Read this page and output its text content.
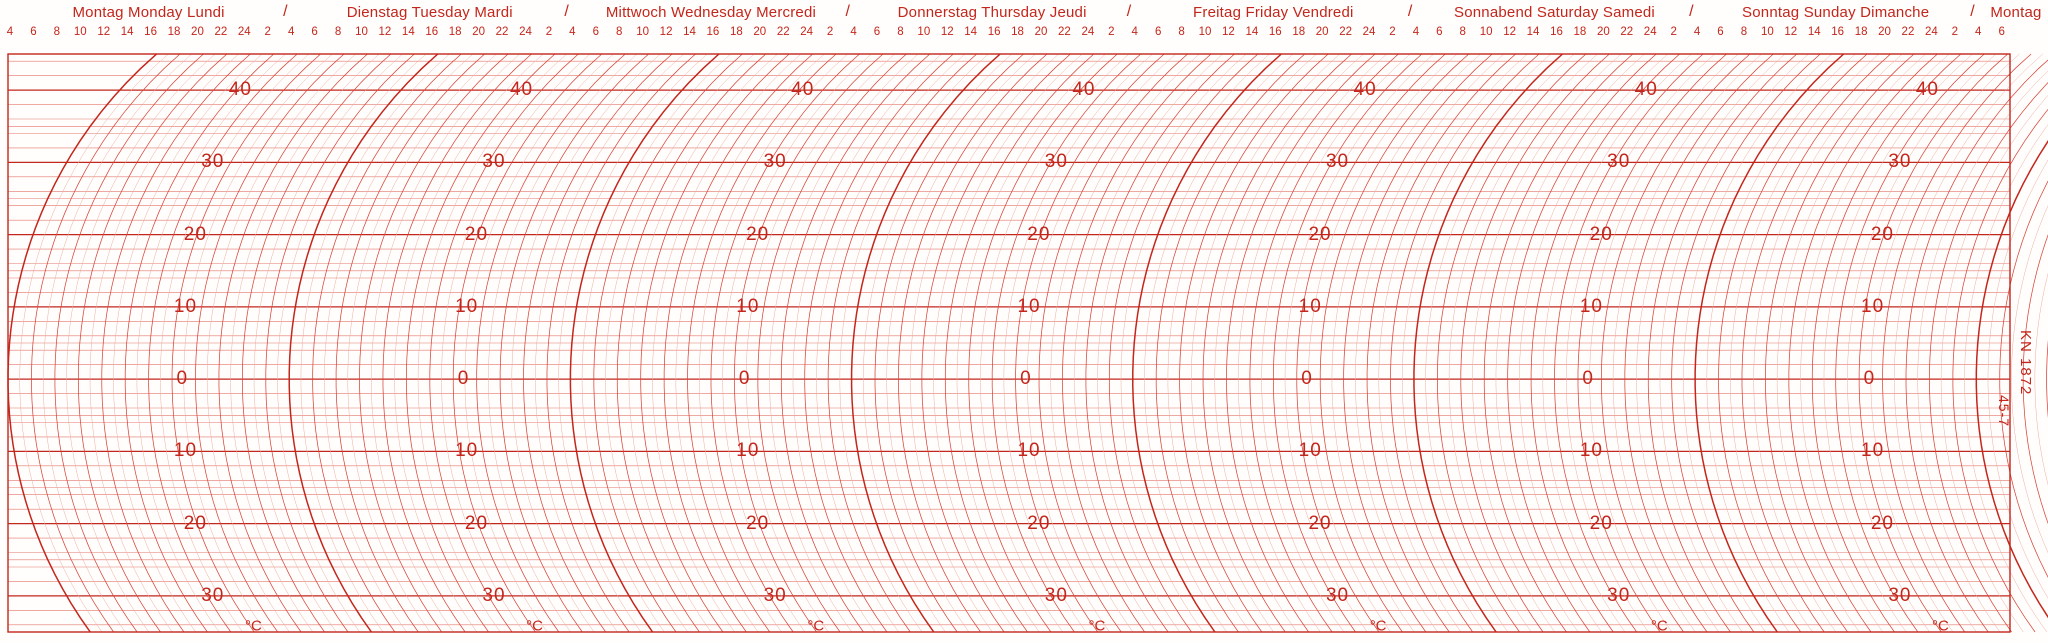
Montag Monday Lundi	/	Dienstag Tuesday Mardi	/ Mittwoch Wednesday Mercredi /	Donnerstag Thursday Jeudi	/	Freitag Friday Vendredi	/	Sonnabend Saturday Samedi /	Sonntag Sunday Dimanche	/ Montag
4 6 8 10 12 14 16 18 20 22 24 2 4 6 8 10 12 14 16 18 20 22 24 2 4 6 8 10 12 14 16 18 20 22 24 2 4 6 8 10 12 14 16 18 20 22 24 2 4 6 8 10 12 14 16 18 20 22 24 2 4 6 8 10 12 14 16 18 20 22 24 2 4 6 8 10 12 14 16 18 20 22 24 2 4 6
40
30
20
10
0
10
20
30
°C
40
30
20
10
0
10
20
30
°C
40
30
20
10
0
10
20
30
°C
40
30
20
10
0
10
20
30
°C
40
30
20
10
0
10
20
30
°C
40
30
20
10
0
10
20
30
°C
40
30
20
10
0
10
20
30
°C
KN 1872
45-7
